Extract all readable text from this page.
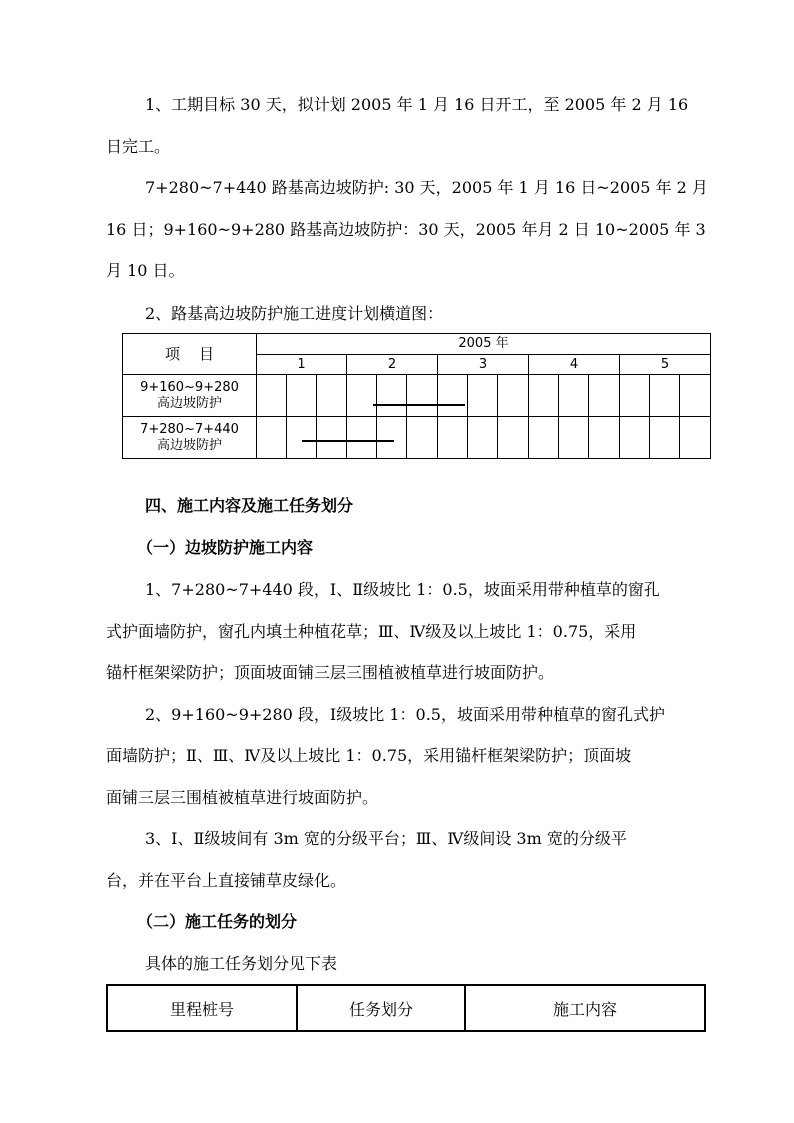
1、工期目标 30 天，拟计划 2005 年 1 月 16 日开工，至 2005 年 2 月 16
日完工。
7+280~7+440 路基高边坡防护: 30 天，2005 年 1 月 16 日~2005 年 2 月
16 日；9+160~9+280 路基高边坡防护：30 天，2005 年月 2 日 10~2005 年 3
月 10 日。
2、路基高边坡防护施工进度计划横道图：
项    目	2005 年														
	1			2			3			4			5		

9+160~9+280
高边坡防护															

7+280~7+440
高边坡防护															

四、施工内容及施工任务划分
（一）边坡防护施工内容
1、7+280~7+440 段，Ⅰ、Ⅱ级坡比 1：0.5，坡面采用带种植草的窗孔
式护面墙防护，窗孔内填土种植花草；Ⅲ、Ⅳ级及以上坡比 1：0.75，采用
锚杆框架梁防护；顶面坡面铺三层三围植被植草进行坡面防护。
2、9+160~9+280 段，Ⅰ级坡比 1：0.5，坡面采用带种植草的窗孔式护
面墙防护；Ⅱ、Ⅲ、Ⅳ及以上坡比 1：0.75，采用锚杆框架梁防护；顶面坡
面铺三层三围植被植草进行坡面防护。
3、Ⅰ、Ⅱ级坡间有 3m 宽的分级平台；Ⅲ、Ⅳ级间设 3m 宽的分级平
台，并在平台上直接铺草皮绿化。
（二）施工任务的划分
具体的施工任务划分见下表
里程桩号	任务划分	施工内容
